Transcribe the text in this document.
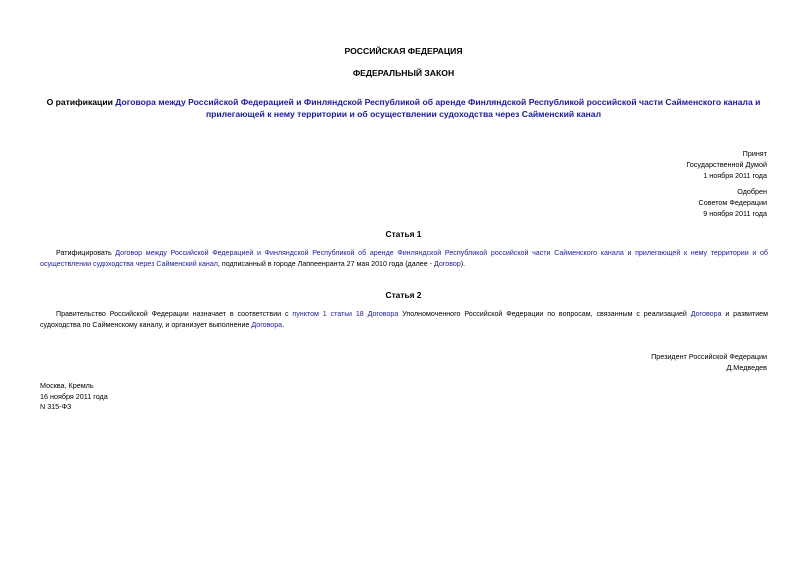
РОССИЙСКАЯ ФЕДЕРАЦИЯ
ФЕДЕРАЛЬНЫЙ ЗАКОН
О ратификации Договора между Российской Федерацией и Финляндской Республикой об аренде Финляндской Республикой российской части Сайменского канала и прилегающей к нему территории и об осуществлении судоходства через Сайменский канал
Принят
Государственной Думой
1 ноября 2011 года
Одобрен
Советом Федерации
9 ноября 2011 года
Статья 1
Ратифицировать Договор между Российской Федерацией и Финляндской Республикой об аренде Финляндской Республикой российской части Сайменского канала и прилегающей к нему территории и об осуществлении судоходства через Сайменский канал, подписанный в городе Лаппеенранта 27 мая 2010 года (далее - Договор).
Статья 2
Правительство Российской Федерации назначает в соответствии с пунктом 1 статьи 18 Договора Уполномоченного Российской Федерации по вопросам, связанным с реализацией Договора и развитием судоходства по Сайменскому каналу, и организует выполнение Договора.
Президент Российской Федерации
Д.Медведев
Москва, Кремль
16 ноября 2011 года
N 315-ФЗ
